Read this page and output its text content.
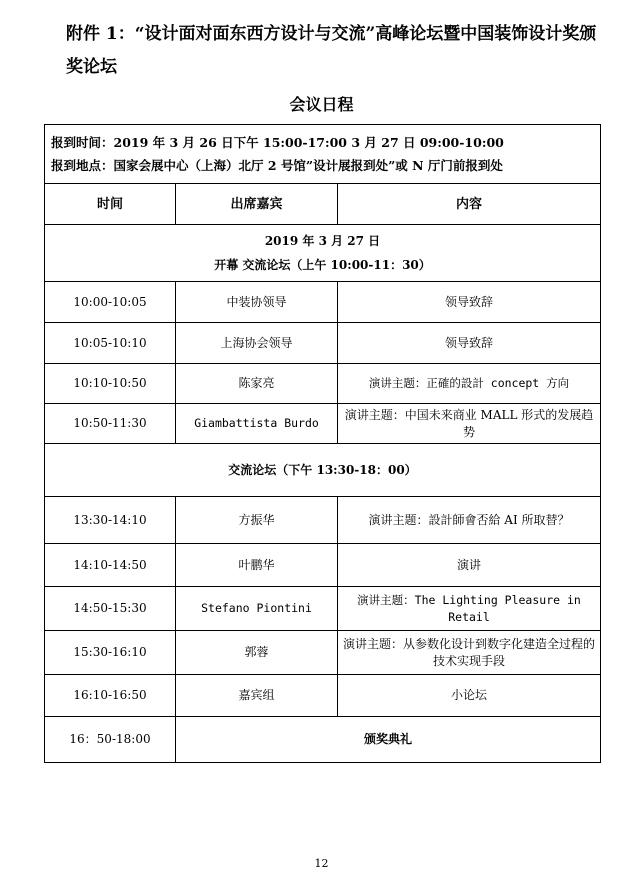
附件 1：“设计面对面东西方设计与交流”高峰论坛暨中国装饰设计奖颁奖论坛

会议日程

报到时间：2019 年 3 月 26 日下午 15:00-17:00 3 月 27 日 09:00-10:00
报到地点：国家会展中心（上海）北厅 2 号馆”设计展报到处”或 N 厅门前报到处		

时间	出席嘉宾	内容

2019 年 3 月 27 日
开幕 交流论坛（上午 10:00-11：30）		

10:00-10:05	中装协领导	领导致辞
10:05-10:10	上海协会领导	领导致辞
10:10-10:50	陈家亮	演讲主题：正確的設計 concept 方向
10:50-11:30	Giambattista Burdo	演讲主题：中国未来商业 MALL 形式的发展趋势
交流论坛（下午 13:30-18：00）		
13:30-14:10	方振华	演讲主题：設計師會否給 AI 所取替？
14:10-14:50	叶鹏华	演讲
14:50-15:30	Stefano Piontini	演讲主题：The Lighting Pleasure in Retail
15:30-16:10	郭蓉	演讲主题：从参数化设计到数字化建造全过程的技术实现手段
16:10-16:50	嘉宾组	小论坛
16：50-18:00	颁奖典礼	
12
